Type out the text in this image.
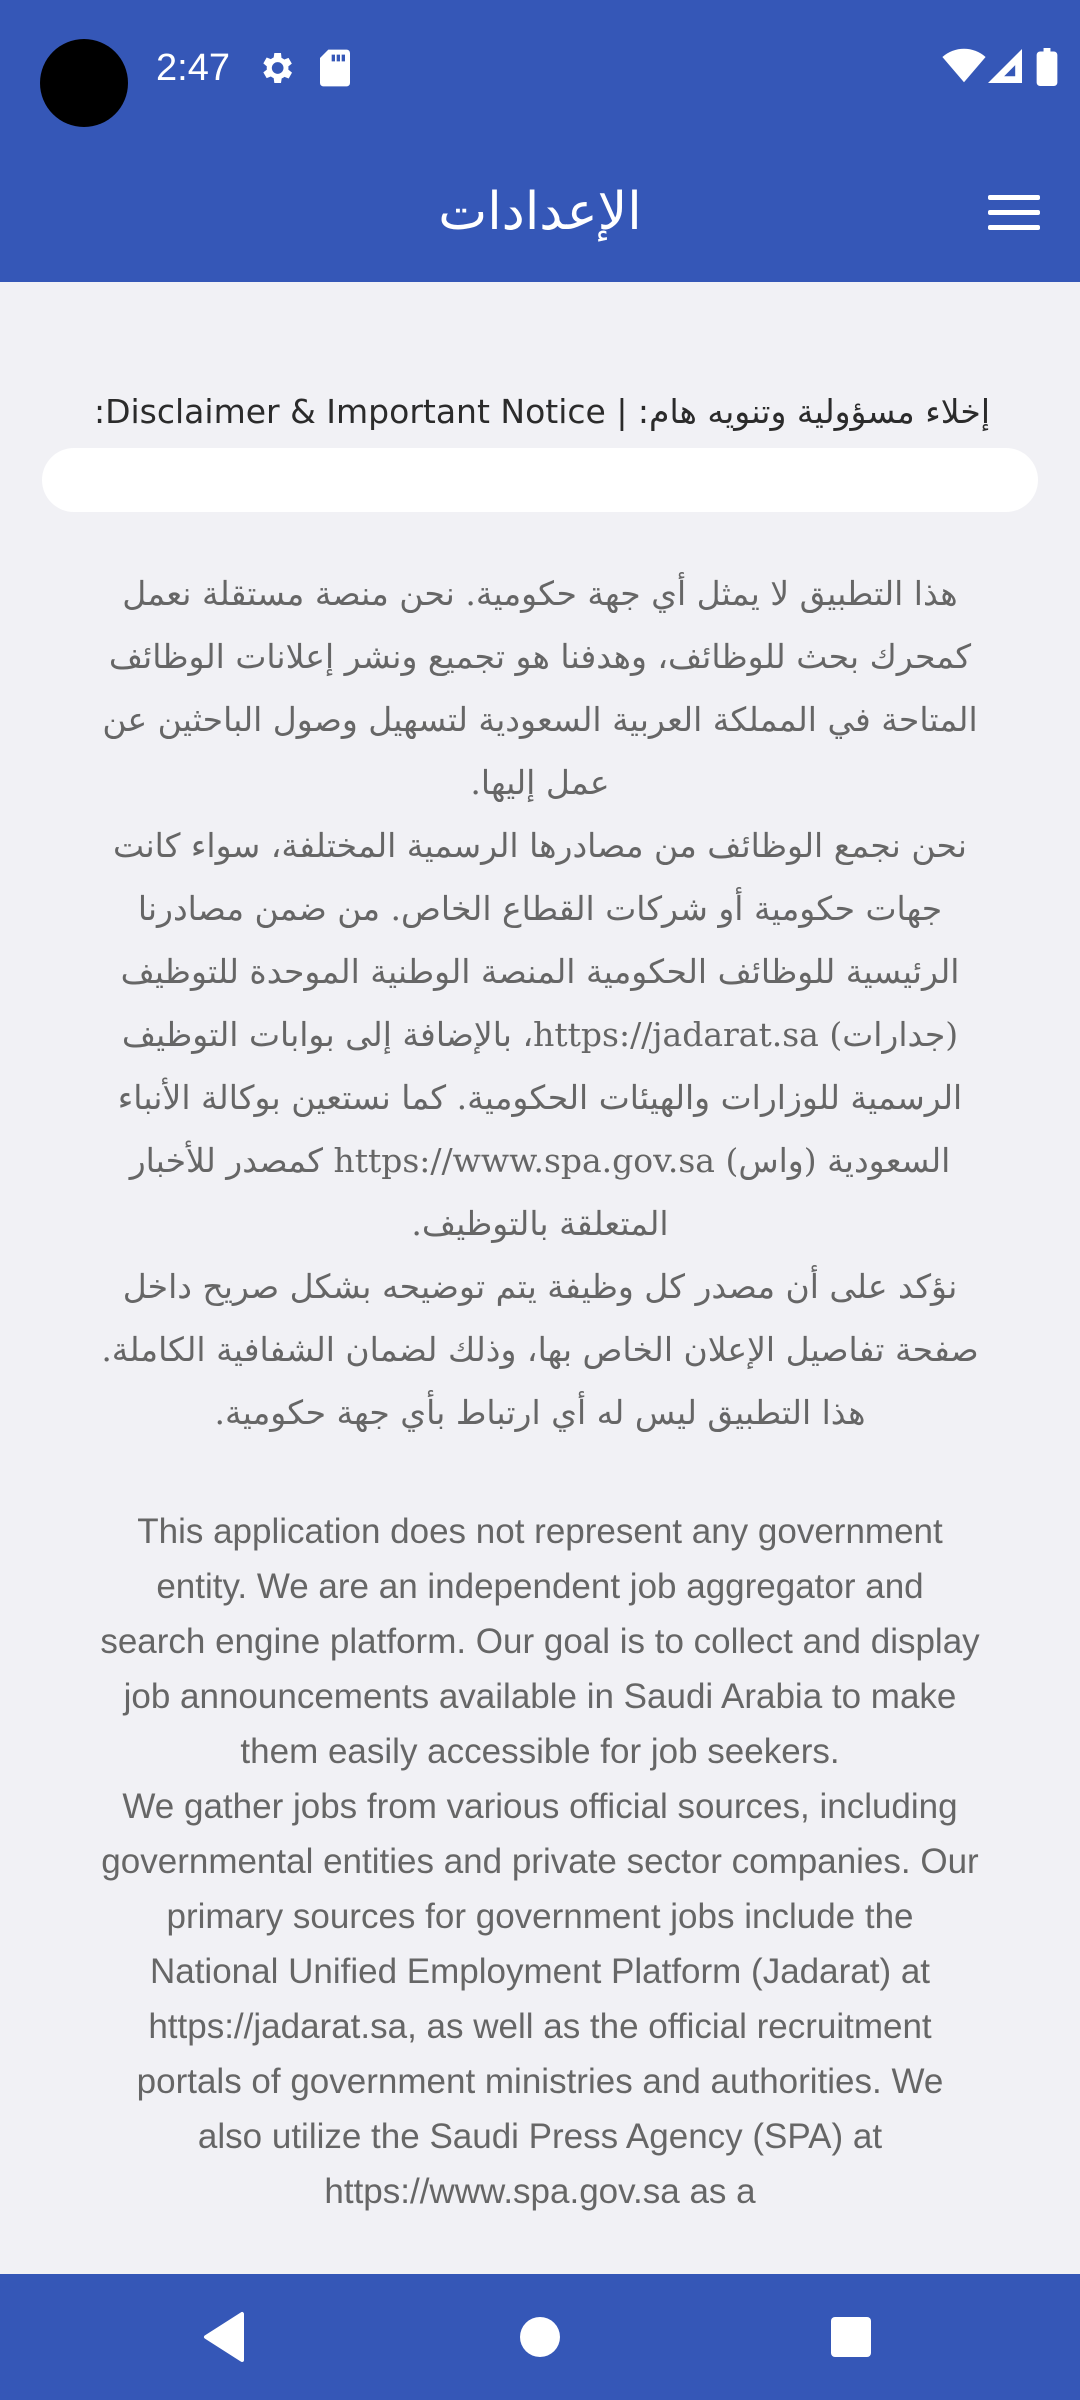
2:47
الإعدادات
إخلاء مسؤولية وتنويه هام: | Disclaimer & Important Notice:

هذا التطبيق لا يمثل أي جهة حكومية. نحن منصة مستقلة نعمل كمحرك بحث للوظائف، وهدفنا هو تجميع ونشر إعلانات الوظائف المتاحة في المملكة العربية السعودية لتسهيل وصول الباحثين عن عمل إليها.

نحن نجمع الوظائف من مصادرها الرسمية المختلفة، سواء كانت جهات حكومية أو شركات القطاع الخاص. من ضمن مصادرنا الرئيسية للوظائف الحكومية المنصة الوطنية الموحدة للتوظيف (جدارات) https://jadarat.sa، بالإضافة إلى بوابات التوظيف الرسمية للوزارات والهيئات الحكومية. كما نستعين بوكالة الأنباء السعودية (واس) https://www.spa.gov.sa كمصدر للأخبار المتعلقة بالتوظيف.

نؤكد على أن مصدر كل وظيفة يتم توضيحه بشكل صريح داخل صفحة تفاصيل الإعلان الخاص بها، وذلك لضمان الشفافية الكاملة. هذا التطبيق ليس له أي ارتباط بأي جهة حكومية.

This application does not represent any government entity. We are an independent job aggregator and search engine platform. Our goal is to collect and display job announcements available in Saudi Arabia to make them easily accessible for job seekers.

We gather jobs from various official sources, including governmental entities and private sector companies. Our primary sources for government jobs include the National Unified Employment Platform (Jadarat) at https://jadarat.sa, as well as the official recruitment portals of government ministries and authorities. We also utilize the Saudi Press Agency (SPA) at https://www.spa.gov.sa as a
